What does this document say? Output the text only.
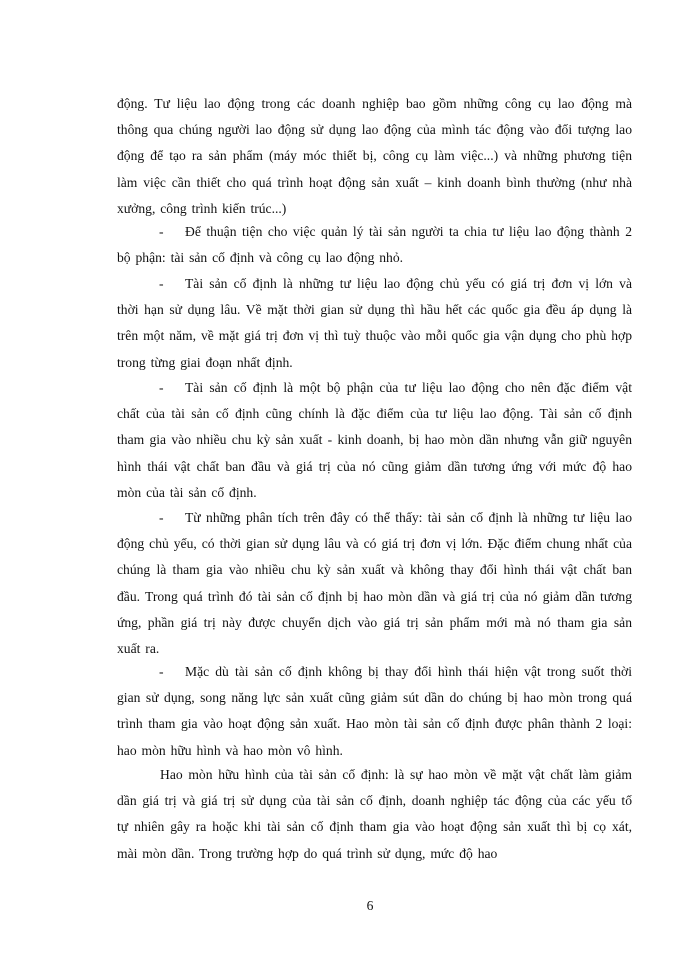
động. Tư liệu lao động trong các doanh nghiệp bao gồm những công cụ lao động mà thông qua chúng người lao động sử dụng lao động của mình tác động vào đối tượng lao động để tạo ra sản phẩm (máy móc thiết bị, công cụ làm việc...) và những phương tiện làm việc cần thiết cho quá trình hoạt động sản xuất – kinh doanh bình thường (như nhà xưởng, công trình kiến trúc...)

- Để thuận tiện cho việc quản lý tài sản người ta chia tư liệu lao động thành 2 bộ phận: tài sản cố định và công cụ lao động nhỏ.

- Tài sản cố định là những tư liệu lao động chủ yếu có giá trị đơn vị lớn và thời hạn sử dụng lâu. Về mặt thời gian sử dụng thì hầu hết các quốc gia đều áp dụng là trên một năm, về mặt giá trị đơn vị thì tuỳ thuộc vào mỗi quốc gia vận dụng cho phù hợp trong từng giai đoạn nhất định.

- Tài sản cố định là một bộ phận của tư liệu lao động cho nên đặc điểm vật chất của tài sản cố định cũng chính là đặc điểm của tư liệu lao động. Tài sản cố định tham gia vào nhiều chu kỳ sản xuất - kinh doanh, bị hao mòn dần nhưng vẫn giữ nguyên hình thái vật chất ban đầu và giá trị của nó cũng giảm dần tương ứng với mức độ hao mòn của tài sản cố định.

- Từ những phân tích trên đây có thể thấy: tài sản cố định là những tư liệu lao động chủ yếu, có thời gian sử dụng lâu và có giá trị đơn vị lớn. Đặc điểm chung nhất của chúng là tham gia vào nhiều chu kỳ sản xuất và không thay đổi hình thái vật chất ban đầu. Trong quá trình đó tài sản cố định bị hao mòn dần và giá trị của nó giảm dần tương ứng, phần giá trị này được chuyển dịch vào giá trị sản phẩm mới mà nó tham gia sản xuất ra.

- Mặc dù tài sản cố định không bị thay đổi hình thái hiện vật trong suốt thời gian sử dụng, song năng lực sản xuất cũng giảm sút dần do chúng bị hao mòn trong quá trình tham gia vào hoạt động sản xuất. Hao mòn tài sản cố định được phân thành 2 loại: hao mòn hữu hình và hao mòn vô hình.

Hao mòn hữu hình của tài sản cố định: là sự hao mòn về mặt vật chất làm giảm dần giá trị và giá trị sử dụng của tài sản cố định, doanh nghiệp tác động của các yếu tố tự nhiên gây ra hoặc khi tài sản cố định tham gia vào hoạt động sản xuất thì bị cọ xát, mài mòn dần. Trong trường hợp do quá trình sử dụng, mức độ hao

6
